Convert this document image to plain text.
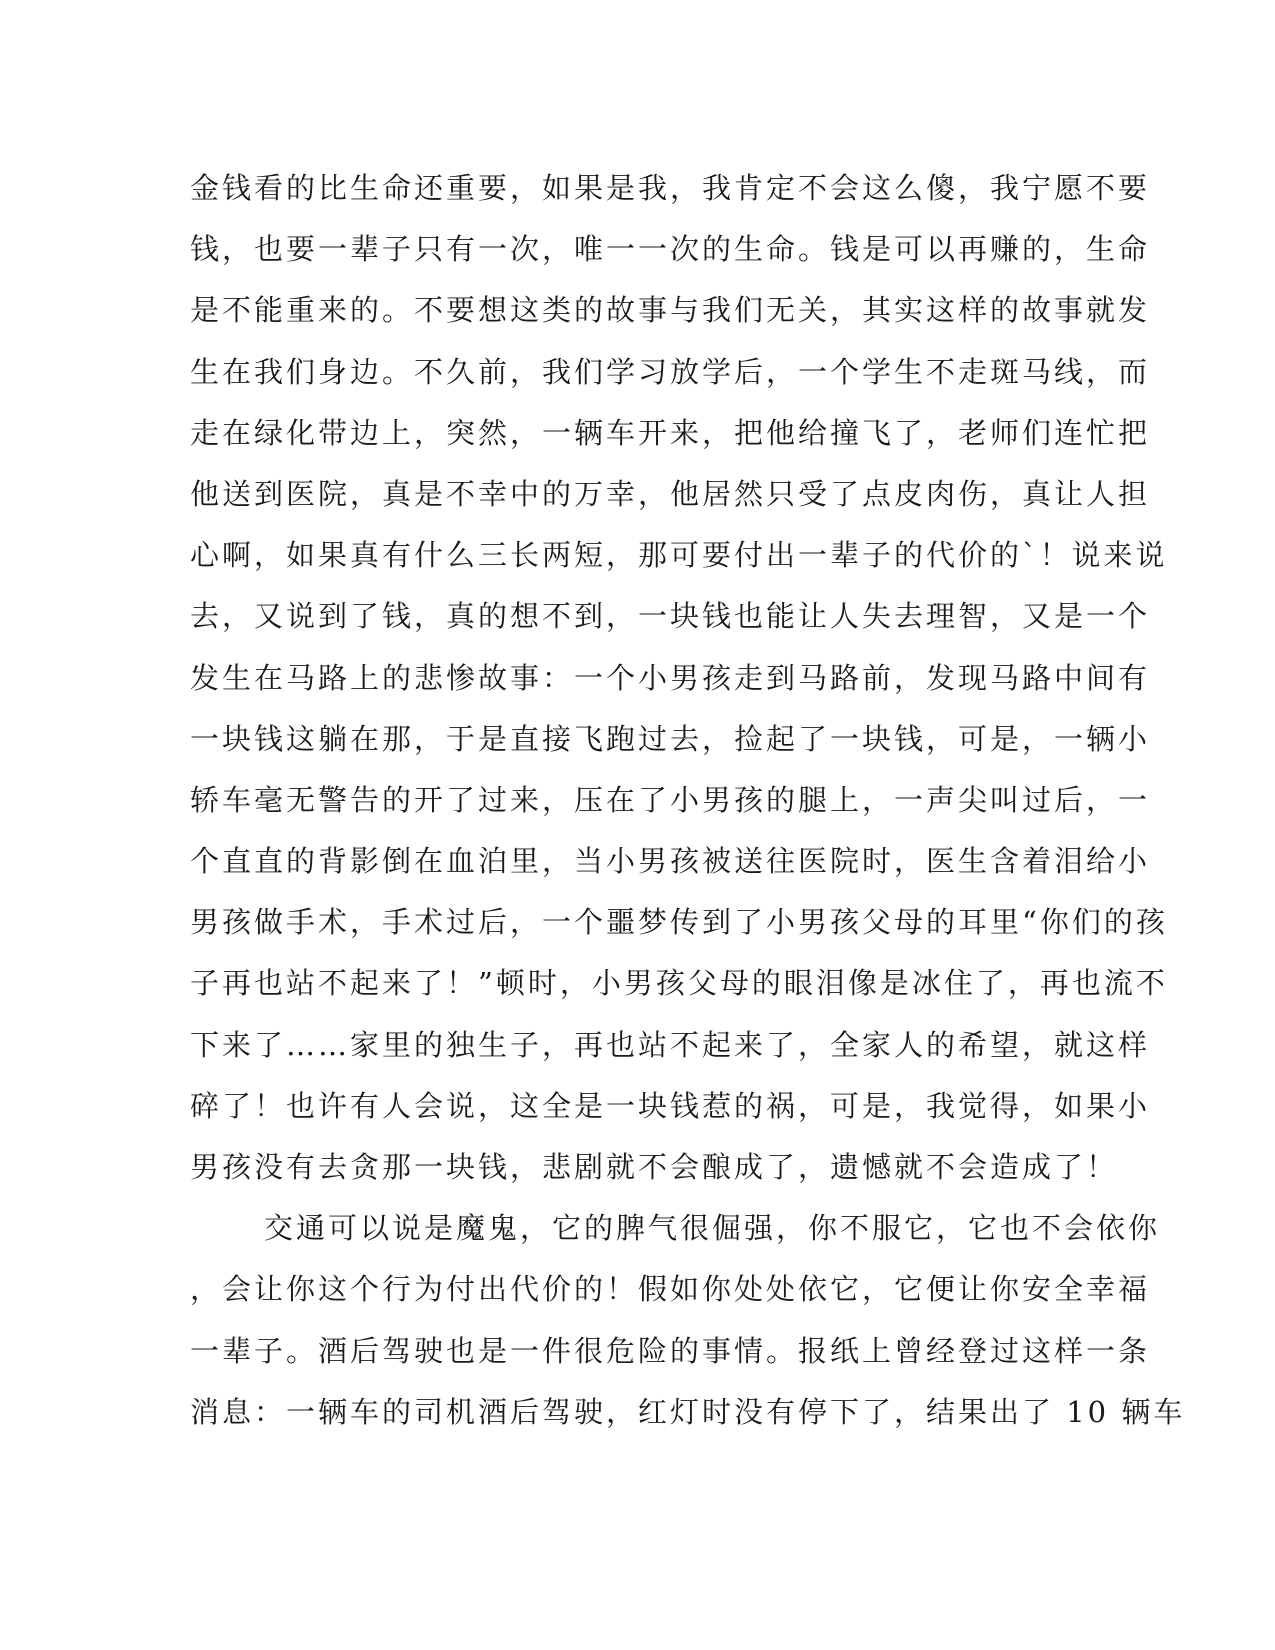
金钱看的比生命还重要，如果是我，我肯定不会这么傻，我宁愿不要

钱，也要一辈子只有一次，唯一一次的生命。钱是可以再赚的，生命

是不能重来的。不要想这类的故事与我们无关，其实这样的故事就发

生在我们身边。不久前，我们学习放学后，一个学生不走斑马线，而

走在绿化带边上，突然，一辆车开来，把他给撞飞了，老师们连忙把

他送到医院，真是不幸中的万幸，他居然只受了点皮肉伤，真让人担

心啊，如果真有什么三长两短，那可要付出一辈子的代价的`！说来说

去，又说到了钱，真的想不到，一块钱也能让人失去理智，又是一个

发生在马路上的悲惨故事：一个小男孩走到马路前，发现马路中间有

一块钱这躺在那，于是直接飞跑过去，捡起了一块钱，可是，一辆小

轿车毫无警告的开了过来，压在了小男孩的腿上，一声尖叫过后，一

个直直的背影倒在血泊里，当小男孩被送往医院时，医生含着泪给小

男孩做手术，手术过后，一个噩梦传到了小男孩父母的耳里“你们的孩

子再也站不起来了！”顿时，小男孩父母的眼泪像是冰住了，再也流不

下来了……家里的独生子，再也站不起来了，全家人的希望，就这样

碎了！也许有人会说，这全是一块钱惹的祸，可是，我觉得，如果小

男孩没有去贪那一块钱，悲剧就不会酿成了，遗憾就不会造成了！

交通可以说是魔鬼，它的脾气很倔强，你不服它，它也不会依你

，会让你这个行为付出代价的！假如你处处依它，它便让你安全幸福

一辈子。酒后驾驶也是一件很危险的事情。报纸上曾经登过这样一条

消息：一辆车的司机酒后驾驶，红灯时没有停下了，结果出了 10 辆车
